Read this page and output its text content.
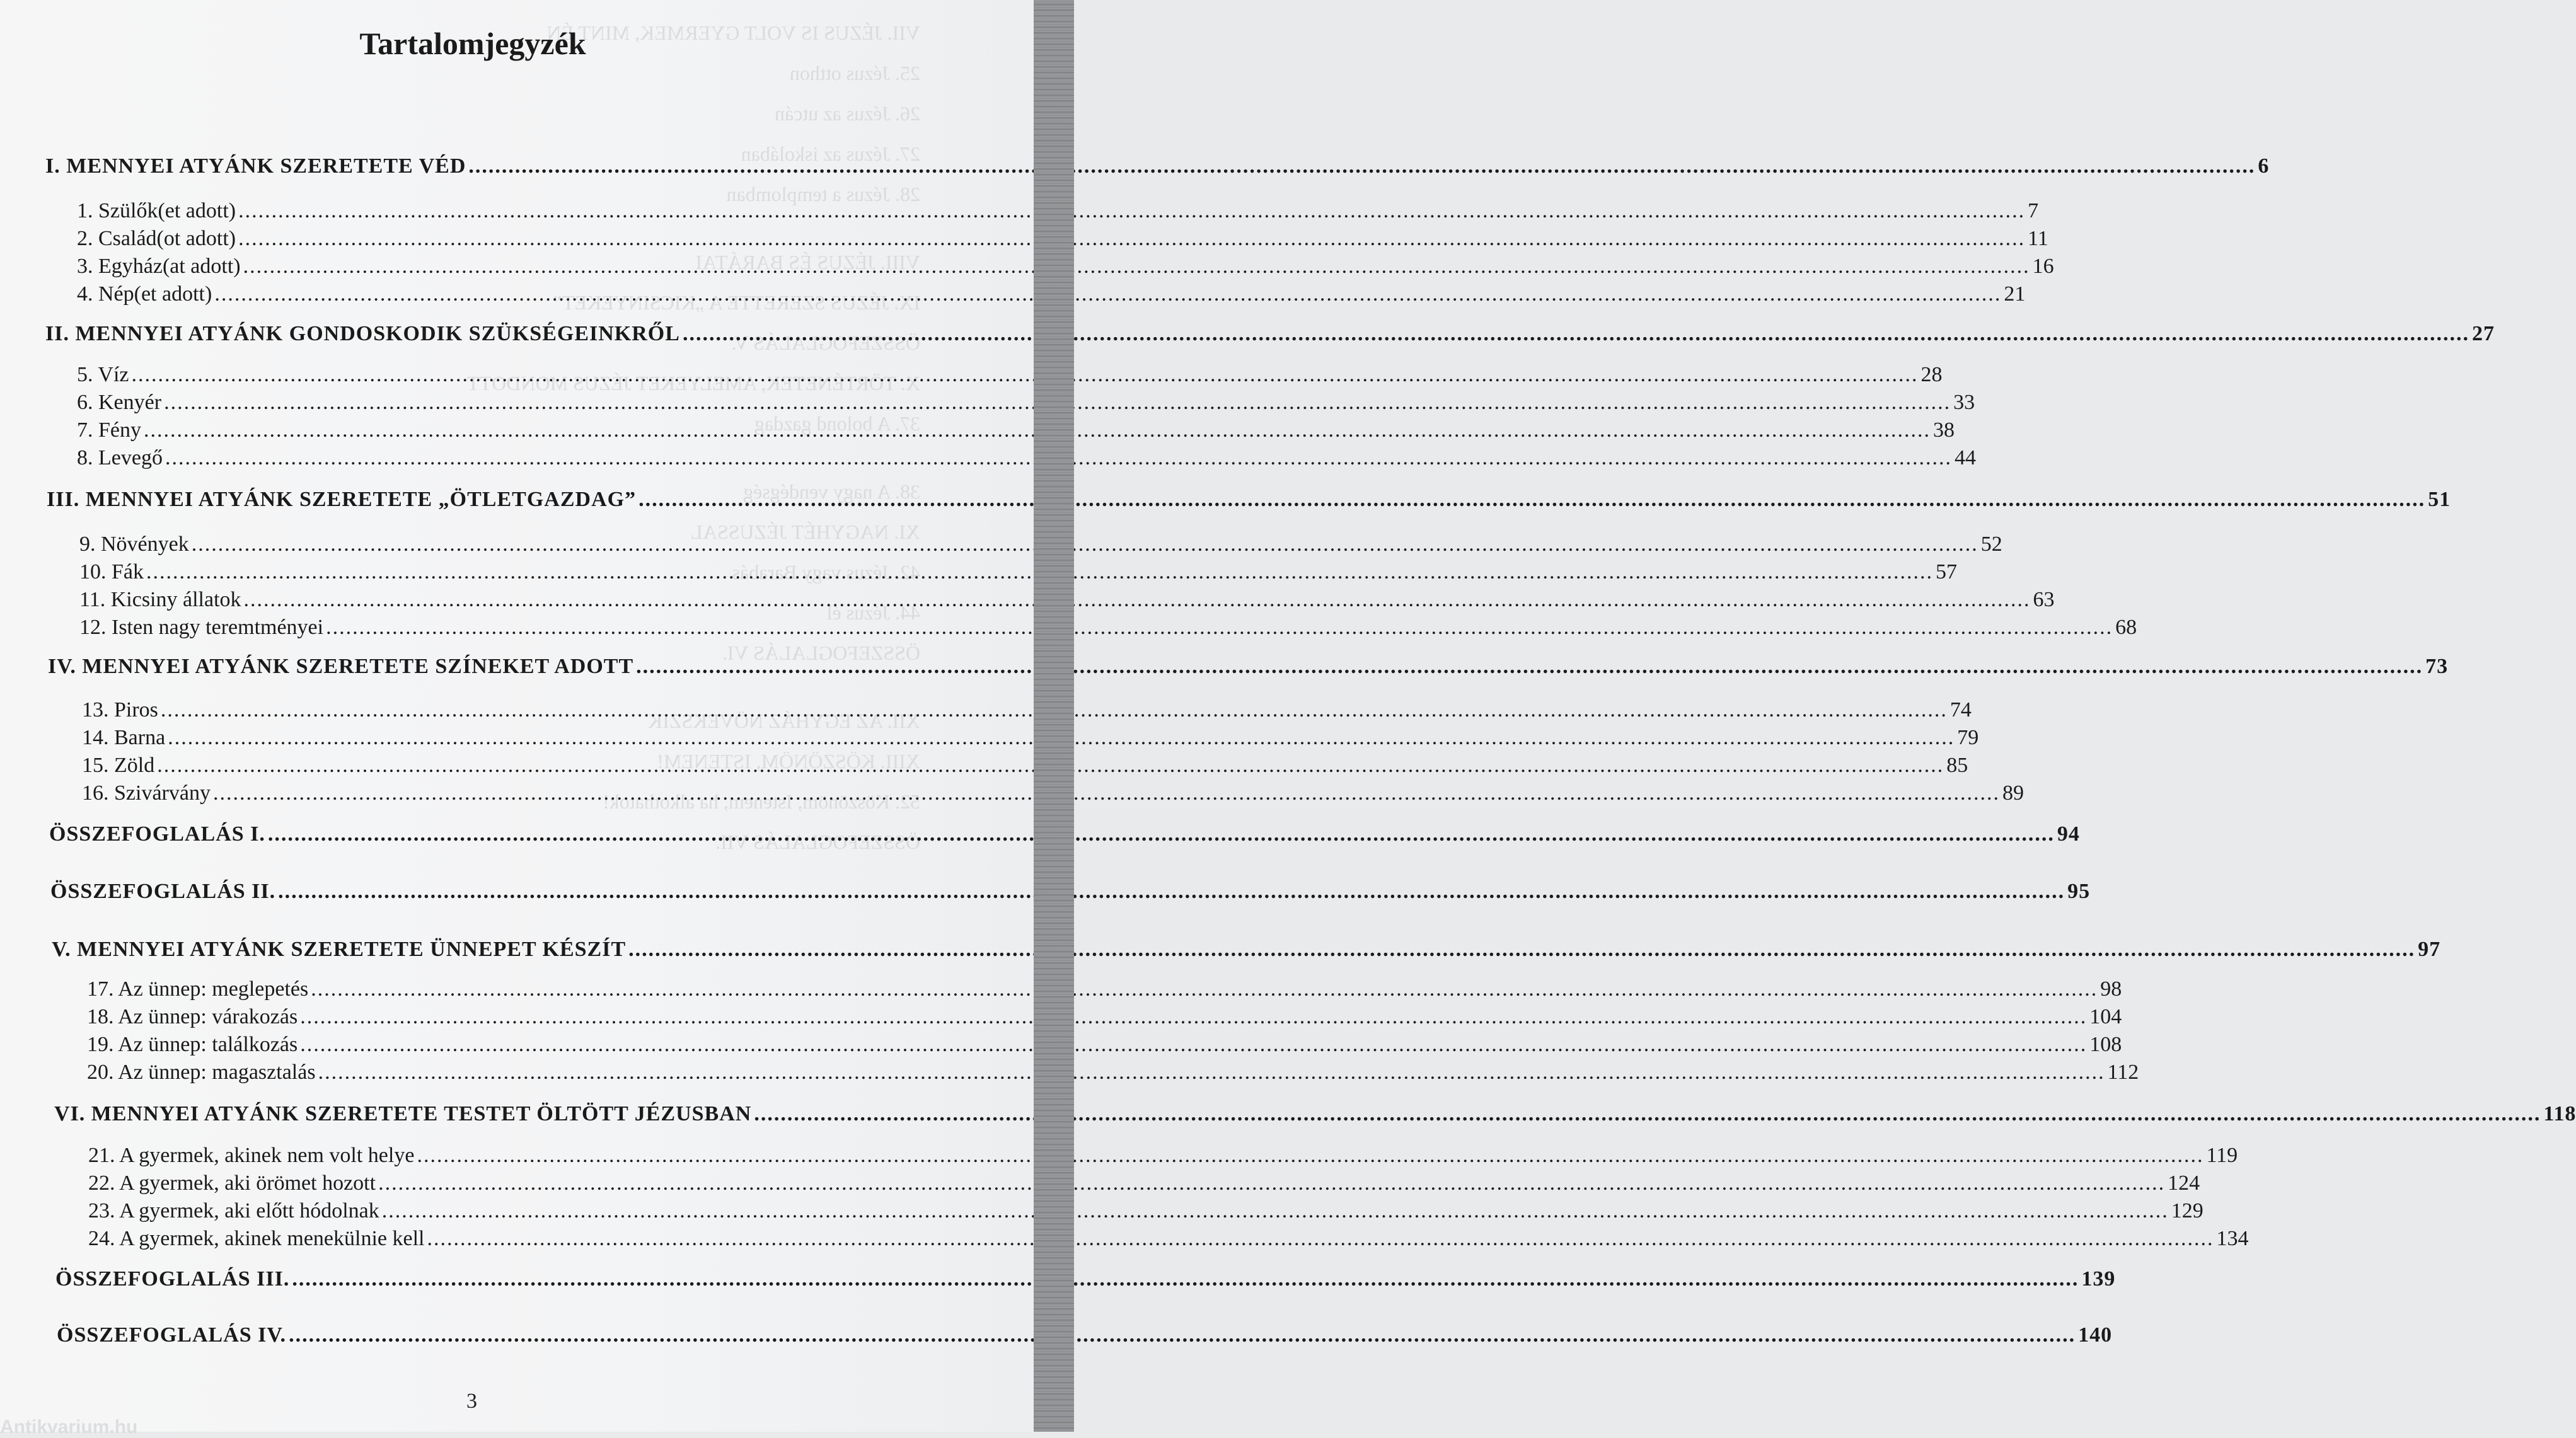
VII. JÉZUS IS VOLT GYERMEK, MINT ÉN
25. Jézus otthon
26. Jézus az utcán
27. Jézus az iskolában
28. Jézus a templomban
VIII. JÉZUS ÉS BARÁTAI
IX. JÉZUS SZERETTE A „KICSINYEKET”
ÖSSZEFOGLALÁS V.
X. TÖRTÉNETEK, AMELYEKET JÉZUS MONDOTT
37. A bolond gazdag
38. A nagy vendégség
XI. NAGYHÉT JÉZUSSAL
42. Jézus vagy Barabás
44. Jézus él
ÖSSZEFOGLALÁS VI.
XII. AZ EGYHÁZ NÖVEKSZIK
XIII. KÖSZÖNÖM, ISTENEM!
52. Köszönöm, Istenem, ha alkothatok!
ÖSSZEFOGLALÁS VII.
Tartalomjegyzék
I. MENNYEI ATYÁNK SZERETETE VÉD .....	6
1. Szülők(et adott) .....	7
2. Család(ot adott) .....	11
3. Egyház(at adott) .....	16
4. Nép(et adott) .....	21
II. MENNYEI ATYÁNK GONDOSKODIK SZÜKSÉGEINKRŐL .....	27
5. Víz .....	28
6. Kenyér .....	33
7. Fény .....	38
8. Levegő .....	44
III. MENNYEI ATYÁNK SZERETETE „ÖTLETGAZDAG” .....	51
9. Növények .....	52
10. Fák .....	57
11. Kicsiny állatok .....	63
12. Isten nagy teremtményei .....	68
IV. MENNYEI ATYÁNK SZERETETE SZÍNEKET ADOTT .....	73
13. Piros .....	74
14. Barna .....	79
15. Zöld .....	85
16. Szivárvány .....	89
ÖSSZEFOGLALÁS I. .....	94
ÖSSZEFOGLALÁS II. .....	95
V. MENNYEI ATYÁNK SZERETETE ÜNNEPET KÉSZÍT .....	97
17. Az ünnep: meglepetés .....	98
18. Az ünnep: várakozás .....	104
19. Az ünnep: találkozás .....	108
20. Az ünnep: magasztalás .....	112
VI. MENNYEI ATYÁNK SZERETETE TESTET ÖLTÖTT JÉZUSBAN .....	118
21. A gyermek, akinek nem volt helye .....	119
22. A gyermek, aki örömet hozott .....	124
23. A gyermek, aki előtt hódolnak .....	129
24. A gyermek, akinek menekülnie kell .....	134
ÖSSZEFOGLALÁS III. .....	139
ÖSSZEFOGLALÁS IV. .....	140
3
Antikvarium.hu
